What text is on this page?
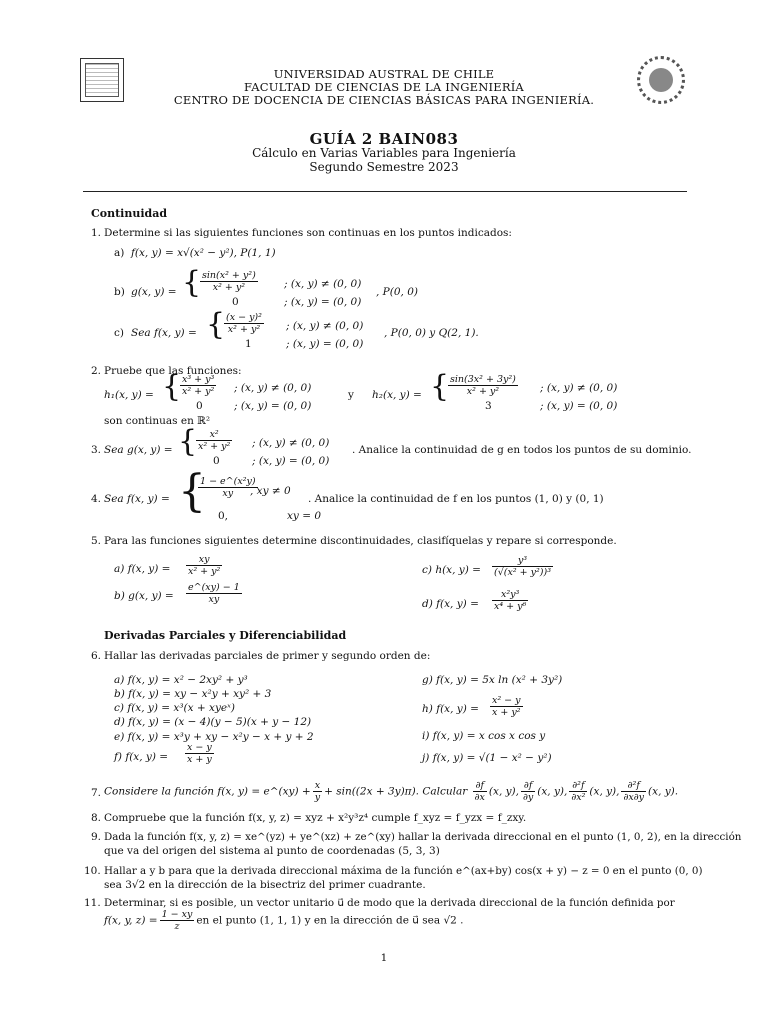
UNIVERSIDAD AUSTRAL DE CHILE
FACULTAD DE CIENCIAS DE LA INGENIERÍA
CENTRO DE DOCENCIA DE CIENCIAS BÁSICAS PARA INGENIERÍA.
GUÍA 2 BAIN083
Cálculo en Varias Variables para Ingeniería
Segundo Semestre 2023
Continuidad
1. Determine si las siguientes funciones son continuas en los puntos indicados:
a) f(x, y) = x√(x² − y²), P(1, 1)
b) g(x, y) = {
$\frac{\text{sin(x² + y²)}}{\text{x² + y²}}$ ; (x, y) ≠ (0, 0)
0	; (x, y) = (0, 0)
, P(0, 0)
c) Sea f(x, y) = {
$\frac{\text{(x − y)²}}{\text{x² + y²}}$ ; (x, y) ≠ (0, 0)
1	; (x, y) = (0, 0)
, P(0, 0) y Q(2, 1).
2. Pruebe que las funciones:
h₁(x, y) = {
$\frac{\text{x³ + y³}}{\text{x² + y²}}$ ; (x, y) ≠ (0, 0)
0	; (x, y) = (0, 0)
y h₂(x, y) = {
$\frac{\text{sin(3x² + 3y²)}}{\text{x² + y²}}$ ; (x, y) ≠ (0, 0)
3	; (x, y) = (0, 0)
son continuas en ℝ²
3. Sea g(x, y) = {
$\frac{\text{x²}}{\text{x² + y²}}$ ; (x, y) ≠ (0, 0)
0	; (x, y) = (0, 0)
. Analice la continuidad de g en todos los puntos de su dominio.
4. Sea f(x, y) = {
$\frac{\text{1 − e\textasciicircum{}(x²y)}}{xy}$
, xy ≠ 0
0,	xy = 0
. Analice la continuidad de f en los puntos (1, 0) y (0, 1)
5. Para las funciones siguientes determine discontinuidades, clasifíquelas y repare si corresponde.
a) f(x, $y) = \frac{xy}{\text{x² + y²}}$
b) g(x, $y) = \frac{e\^{}(xy) - 1}{xy}$
c) h(x, $y) = \frac{\text{y³}}{\text{(√(x² + y²))³}}$
d) f(x, $y) = \frac{\text{x²y³}}{\text{x⁴ + y⁶}}$
Derivadas Parciales y Diferenciabilidad
6. Hallar las derivadas parciales de primer y segundo orden de:
a) f(x, y) = x² − 2xy² + y³
b) f(x, y) = xy − x²y + xy² + 3
c) f(x, y) = x³(x + xyeˣ)
d) f(x, y) = (x − 4)(y − 5)(x + y − 12)
e) f(x, y) = x³y + xy − x²y − x + y + 2
f) f(x, $y) = \frac{x - y}{x + y}$
g) f(x, y) = 5x ln (x² + 3y²)
h) f(x, $y) = \frac{\text{x² − y}}{\text{x + y²}}$
i) f(x, y) = x cos x cos y
j) f(x, y) = √(1 − x² − y²)
7. Considere la función f(x, y) = e^(xy) + $\frac{x}{y} + \sin((2x + 3y)\pi)$. Calcular $\frac{\partial f}{\partial x} (x$, y), $\frac{\partial f}{\partial y} (x$, y), $\frac{\text{∂²f}}{\text{∂x²}} (x$, y), $\frac{\text{∂²f}}{\partial x\partial y} (x$, y).
8. Compruebe que la función f(x, y, z) = xyz + x²y³z⁴ cumple f_xyz = f_yzx = f_zxy.
9. Dada la función f(x, y, z) = xe^(yz) + ye^(xz) + ze^(xy) hallar la derivada direccional en el punto (1, 0, 2), en la dirección
que va del origen del sistema al punto de coordenadas (5, 3, 3)
10. Hallar a y b para que la derivada direccional máxima de la función e^(ax+by) cos(x + y) − z = 0 en el punto (0, 0)
sea 3√2 en la dirección de la bisectriz del primer cuadrante.
11. Determinar, si es posible, un vector unitario u⃗ de modo que la derivada direccional de la función definida por
f(x, y, $z) = \frac{1 - xy}{z}$ en el punto (1, 1, 1) y en la dirección de u⃗ sea √2 .
1
